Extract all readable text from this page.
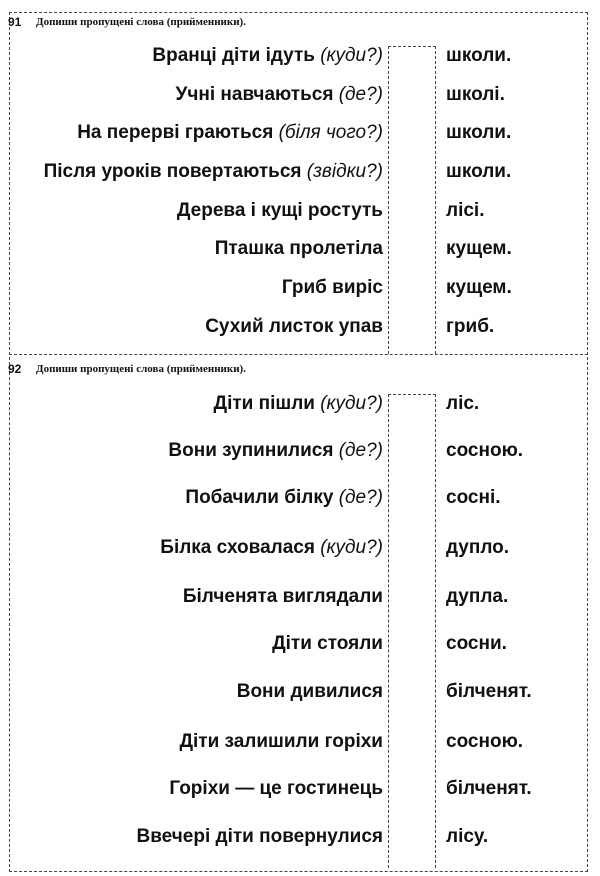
91 Допиши пропущені слова (прийменники).
Вранці діти ідуть (куди?)	школи.
Учні навчаються (де?)	школі.
На перерві граються (біля чого?)	школи.
Після уроків повертаються (звідки?)	школи.
Дерева і кущі ростуть	лісі.
Пташка пролетіла	кущем.
Гриб виріс	кущем.
Сухий листок упав	гриб.
92 Допиши пропущені слова (прийменники).
Діти пішли (куди?)	ліс.
Вони зупинилися (де?)	сосною.
Побачили білку (де?)	сосні.
Білка сховалася (куди?)	дупло.
Білченята виглядали	дупла.
Діти стояли	сосни.
Вони дивилися	білченят.
Діти залишили горіхи	сосною.
Горіхи — це гостинець	білченят.
Ввечері діти повернулися	лісу.
